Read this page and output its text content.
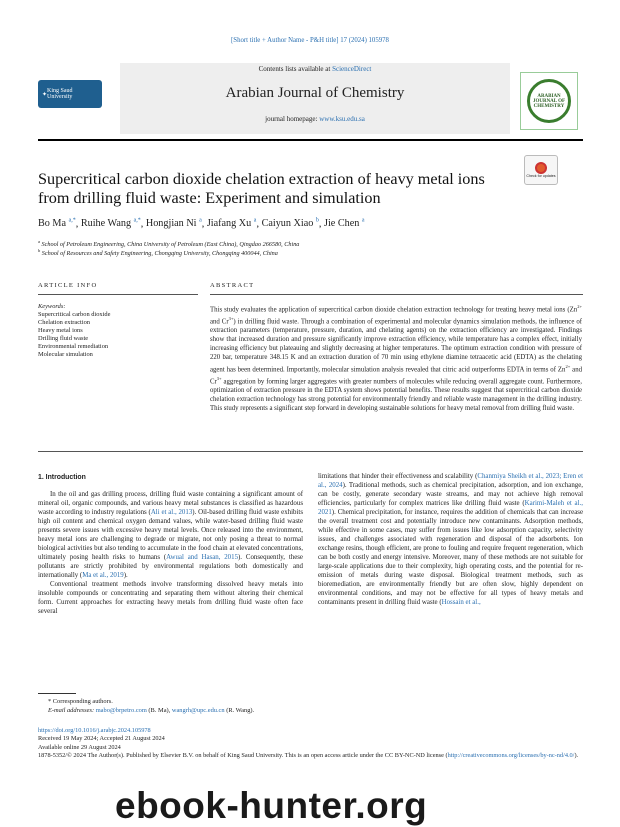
[Short title + Author Name - P&H title] 17 (2024) 105978
✦
King Saud University
Contents lists available at ScienceDirect
Arabian Journal of Chemistry
journal homepage: www.ksu.edu.sa
ARABIAN JOURNAL OF CHEMISTRY
Supercritical carbon dioxide chelation extraction of heavy metal ions from drilling fluid waste: Experiment and simulation
Check for updates
Bo Ma $^{a,*}$, Ruihe Wang $^{a,*}$, Hongjian Ni $^a$, Jiafang Xu $^a$, Caiyun Xiao $^b$, Jie Chen $^a$
$^a$ School of Petroleum Engineering, China University of Petroleum (East China), Qingdao 266580, China
$^b$ School of Resources and Safety Engineering, Chongqing University, Chongqing 400044, China
ARTICLE INFO	ABSTRACT
Keywords:
Supercritical carbon dioxide
Chelation extraction
Heavy metal ions
Drilling fluid waste
Environmental remediation
Molecular simulation
This study evaluates the application of supercritical carbon dioxide chelation extraction technology for treating heavy metal ions ($Zn^{2+}$ and $Cr^{3+}$) in drilling fluid waste. Through a combination of experimental and molecular dynamics simulation methods, the influence of extraction parameters (temperature, pressure, duration, and chelating agents) on the extraction efficiency are investigated. Findings show that increased duration and pressure significantly improve extraction efficiency, while temperature has a complex effect, initially increasing efficiency but plateauing and slightly decreasing at higher temperatures. The optimum extraction condition with pressure of 220 bar, temperature 348.15 K and an extraction duration of 70 min using ethylene diamine tetraacetic acid (EDTA) as the chelating agent has been determined. Importantly, molecular simulation analysis revealed that citric acid outperforms EDTA in terms of $Zn^{2+}$ and $Cr^{3+}$ aggregation by forming larger aggregates with greater numbers of molecules while reducing overall aggregate count. Furthermore, optimization of extraction pressure in the EDTA system shows potential benefits. These results suggest that supercritical carbon dioxide chelation extraction technology has strong potential for environmentally friendly and reliable waste management in the drilling industry. This study represents a significant step forward in developing sustainable solutions for heavy metal removal from drilling fluid waste.
1. Introduction

In the oil and gas drilling process, drilling fluid waste containing a significant amount of mineral oil, organic compounds, and various heavy metal substances is classified as hazardous waste according to industry regulations (Ali et al., 2013). Oil-based drilling fluid waste exhibits high oil content and chemical oxygen demand values, while water-based drilling fluid waste presents severe issues with excessive heavy metal levels. Once released into the environment, heavy metal ions are challenging to degrade or migrate, not only posing a threat to normal biological activities but also tending to accumulate in the food chain at elevated concentrations, ultimately posing health risks to humans (Awual and Hasan, 2015). Consequently, these pollutants are strictly prohibited by environmental regulations both domestically and internationally (Ma et al., 2019).

Conventional treatment methods involve transforming dissolved heavy metals into insoluble compounds or concentrating and separating them without altering their chemical form. Current approaches for extracting heavy metals from drilling fluid waste often face several

limitations that hinder their effectiveness and scalability (Chanmiya Sheikh et al., 2023; Eren et al., 2024). Traditional methods, such as chemical precipitation, adsorption, and ion exchange, can be costly, generate secondary waste streams, and may not achieve high removal efficiencies, particularly for complex matrices like drilling fluid waste (Karimi-Maleh et al., 2021). Chemical precipitation, for instance, requires the addition of chemicals that can increase the overall treatment cost and potentially introduce new contaminants. Adsorption methods, while effective in some cases, may suffer from issues like low adsorption capacity, selectivity issues, and challenges associated with regeneration and disposal of the adsorbents. Ion exchange resins, though efficient, are prone to fouling and require frequent regeneration, which can be both costly and energy intensive. Moreover, many of these methods are not suitable for large-scale applications due to their complexity, high operating costs, and the potential for re-emission of metals during waste disposal. Biological treatment methods, such as bioremediation, are environmentally friendly but are often slow, highly dependent on environmental conditions, and may not be effective for all types of heavy metals and contaminants present in drilling fluid waste (Hossain et al.,

* Corresponding authors.
E-mail addresses: mabo@brpetro.com (B. Ma), wangrh@upc.edu.cn (R. Wang).
https://doi.org/10.1016/j.arabjc.2024.105978
Received 19 May 2024; Accepted 21 August 2024
Available online 29 August 2024
1878-5352/© 2024 The Author(s). Published by Elsevier B.V. on behalf of King Saud University. This is an open access article under the CC BY-NC-ND license (http://creativecommons.org/licenses/by-nc-nd/4.0/).
ebook-hunter.org
